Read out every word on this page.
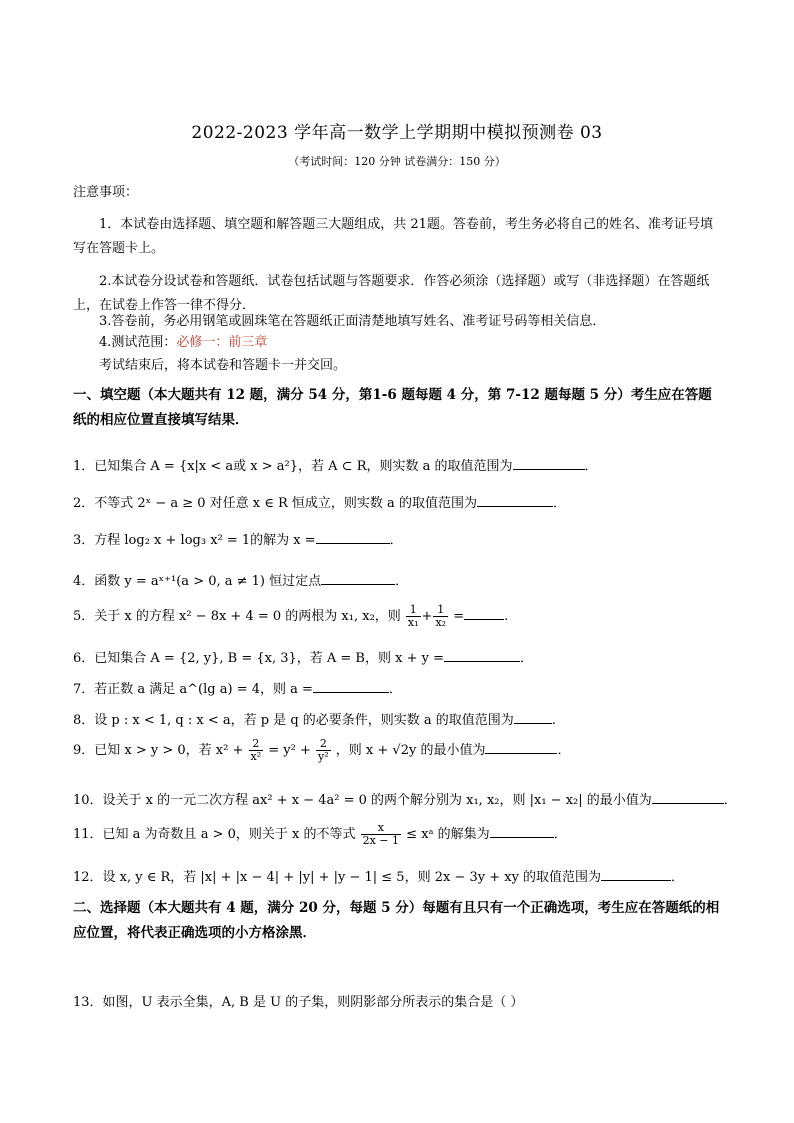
2022-2023 学年高一数学上学期期中模拟预测卷 03
（考试时间：120 分钟 试卷满分：150 分）
注意事项：
1．本试卷由选择题、填空题和解答题三大题组成，共 21题。答卷前，考生务必将自己的姓名、准考证号填写在答题卡上。
2.本试卷分设试卷和答题纸．试卷包括试题与答题要求．作答必须涂（选择题）或写（非选择题）在答题纸上，在试卷上作答一律不得分．
3.答卷前，务必用钢笔或圆珠笔在答题纸正面清楚地填写姓名、准考证号码等相关信息．
4.测试范围：必修一：前三章
考试结束后，将本试卷和答题卡一并交回。
一、填空题（本大题共有 12 题，满分 54 分，第1-6 题每题 4 分，第 7-12 题每题 5 分）考生应在答题纸的相应位置直接填写结果．
1．已知集合 A = {x|x < a或 x > a²}，若 A ⊂ R，则实数 a 的取值范围为	．
2．不等式 2ˣ − a ≥ 0 对任意 x ∈ R 恒成立，则实数 a 的取值范围为	．
3．方程 log₂ x + log₃ x² = 1的解为 x =	．
4．函数 y = aˣ⁺¹(a > 0, a ≠ 1) 恒过定点	．
5．关于 x 的方程 x² − 8x + 4 = 0 的两根为 x₁, x₂，则 $\frac{1}{\text{x₁}} + \frac{1}{\text{x₂}}$ =	.
6．已知集合 A = {2, y}, B = {x, 3}，若 A = B，则 x + y =	．
7．若正数 a 满足 a^(lg a) = 4，则 a =	．
8．设 p : x < 1, q : x < a，若 p 是 q 的必要条件，则实数 a 的取值范围为	.
9．已知 x > y > 0，若 $x^2 + \frac{2}{\text{x²}} = y^2 + \frac{2}{\text{y²}}$ ，则 x + √2y 的最小值为	．
10．设关于 x 的一元二次方程 ax² + x − 4a² = 0 的两个解分别为 x₁, x₂，则 |x₁ − x₂| 的最小值为	．
11．已知 a 为奇数且 a > 0，则关于 x 的不等式 $\frac{x}{2x - 1}$ ≤ xᵃ 的解集为	．
12．设 x, y ∈ R，若 |x| + |x − 4| + |y| + |y − 1| ≤ 5，则 2x − 3y + xy 的取值范围为	．
二、选择题（本大题共有 4 题，满分 20 分，每题 5 分）每题有且只有一个正确选项，考生应在答题纸的相应位置，将代表正确选项的小方格涂黑．
13．如图，U 表示全集，A, B 是 U 的子集，则阴影部分所表示的集合是（ ）
